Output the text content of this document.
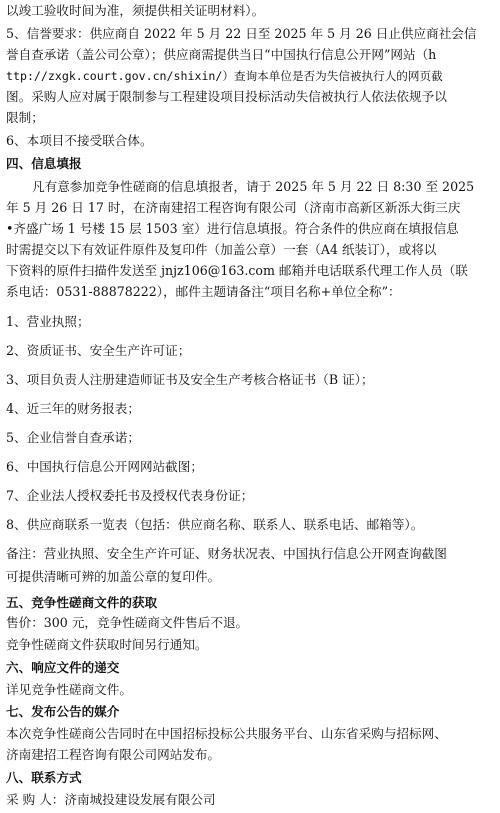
以竣工验收时间为准，须提供相关证明材料）。
5、信誉要求：供应商自 2022 年 5 月 22 日至 2025 年 5 月 26 日止供应商社会信
誉自查承诺（盖公司公章）；供应商需提供当日“中国执行信息公开网”网站（h
ttp://zxgk.court.gov.cn/shixin/）查询本单位是否为失信被执行人的网页截
图。采购人应对属于限制参与工程建设项目投标活动失信被执行人依法依规予以
限制；
6、本项目不接受联合体。
四、信息填报
凡有意参加竞争性磋商的信息填报者，请于 2025 年 5 月 22 日 8:30 至 2025
年 5 月 26 日 17 时，在济南建招工程咨询有限公司（济南市高新区新泺大街三庆
•齐盛广场 1 号楼 15 层 1503 室）进行信息填报。符合条件的供应商在填报信息
时需提交以下有效证件原件及复印件（加盖公章）一套（A4 纸装订），或将以
下资料的原件扫描件发送至 jnjz106@163.com 邮箱并电话联系代理工作人员（联
系电话：0531-88878222），邮件主题请备注“项目名称+单位全称”：
1、营业执照；
2、资质证书、安全生产许可证；
3、项目负责人注册建造师证书及安全生产考核合格证书（B 证）；
4、近三年的财务报表；
5、企业信誉自查承诺；
6、中国执行信息公开网网站截图；
7、企业法人授权委托书及授权代表身份证；
8、供应商联系一览表（包括：供应商名称、联系人、联系电话、邮箱等）。
备注：营业执照、安全生产许可证、财务状况表、中国执行信息公开网查询截图
可提供清晰可辨的加盖公章的复印件。
五、竞争性磋商文件的获取
售价：300 元，竞争性磋商文件售后不退。
竞争性磋商文件获取时间另行通知。
六、响应文件的递交
详见竞争性磋商文件。
七、发布公告的媒介
本次竞争性磋商公告同时在中国招标投标公共服务平台、山东省采购与招标网、
济南建招工程咨询有限公司网站发布。
八、联系方式
采 购 人：济南城投建设发展有限公司
